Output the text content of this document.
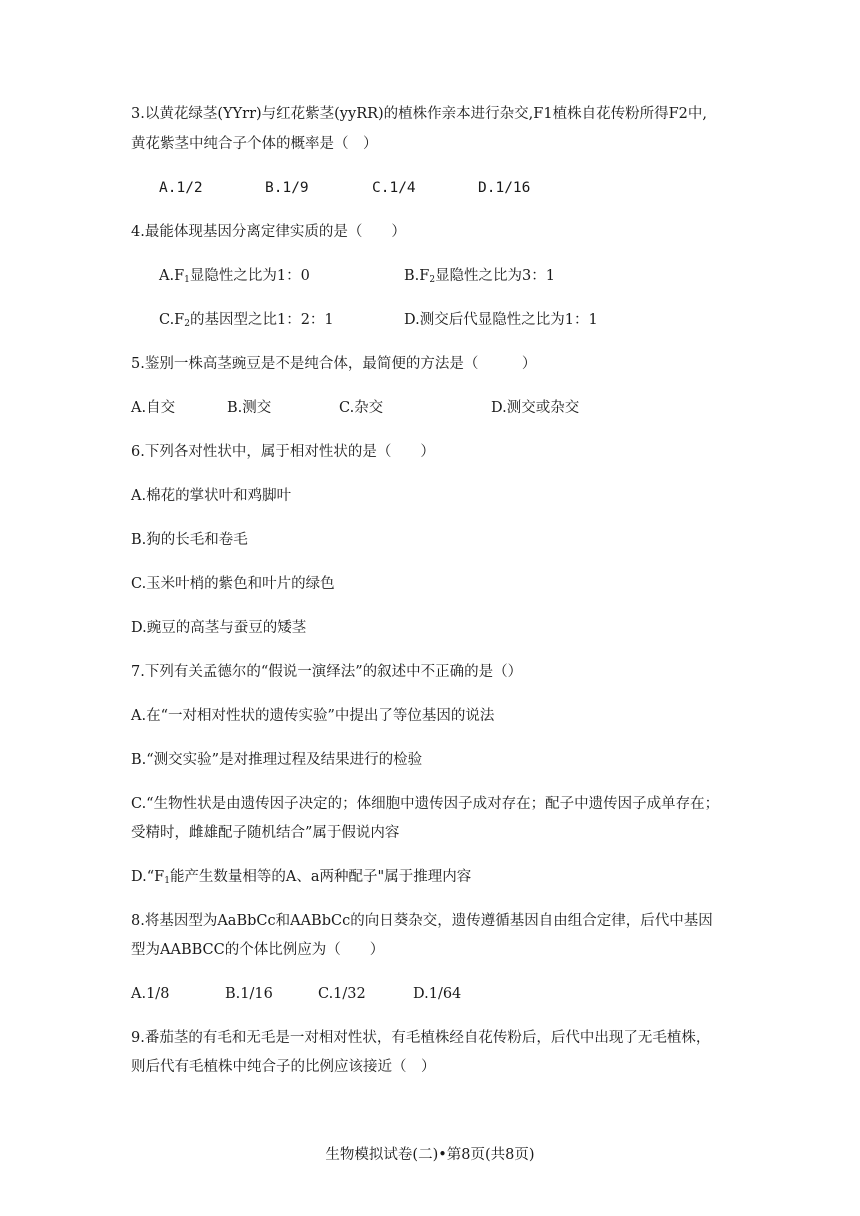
3.以黄花绿茎(YYrr)与红花紫茎(yyRR)的植株作亲本进行杂交,F1植株自花传粉所得F2中,
黄花紫茎中纯合子个体的概率是（　）
A.1/2	B.1/9	C.1/4	D.1/16
4.最能体现基因分离定律实质的是（　　）
$A.F_1$显隐性之比为1：0	$B.F_2$显隐性之比为3：1
$C.F_2$的基因型之比1：2：1	D.测交后代显隐性之比为1：1
5.鉴别一株高茎豌豆是不是纯合体，最简便的方法是（　　　）
A.自交	B.测交	C.杂交	D.测交或杂交
6.下列各对性状中，属于相对性状的是（　　）
A.棉花的掌状叶和鸡脚叶
B.狗的长毛和卷毛
C.玉米叶梢的紫色和叶片的绿色
D.豌豆的高茎与蚕豆的矮茎
7.下列有关孟德尔的“假说一演绎法”的叙述中不正确的是（）
A.在“一对相对性状的遗传实验”中提出了等位基因的说法
B.“测交实验”是对推理过程及结果进行的检验
C.“生物性状是由遗传因子决定的；体细胞中遗传因子成对存在；配子中遗传因子成单存在；
受精时，雌雄配子随机结合”属于假说内容
$D.“F_1$能产生数量相等的A、a两种配子"属于推理内容
8.将基因型为AaBbCc和AABbCc的向日葵杂交，遗传遵循基因自由组合定律，后代中基因
型为AABBCC的个体比例应为（　　）
A.1/8	B.1/16	C.1/32	D.1/64
9.番茄茎的有毛和无毛是一对相对性状，有毛植株经自花传粉后，后代中出现了无毛植株，
则后代有毛植株中纯合子的比例应该接近（　）
生物模拟试卷(二)•第8页(共8页)
